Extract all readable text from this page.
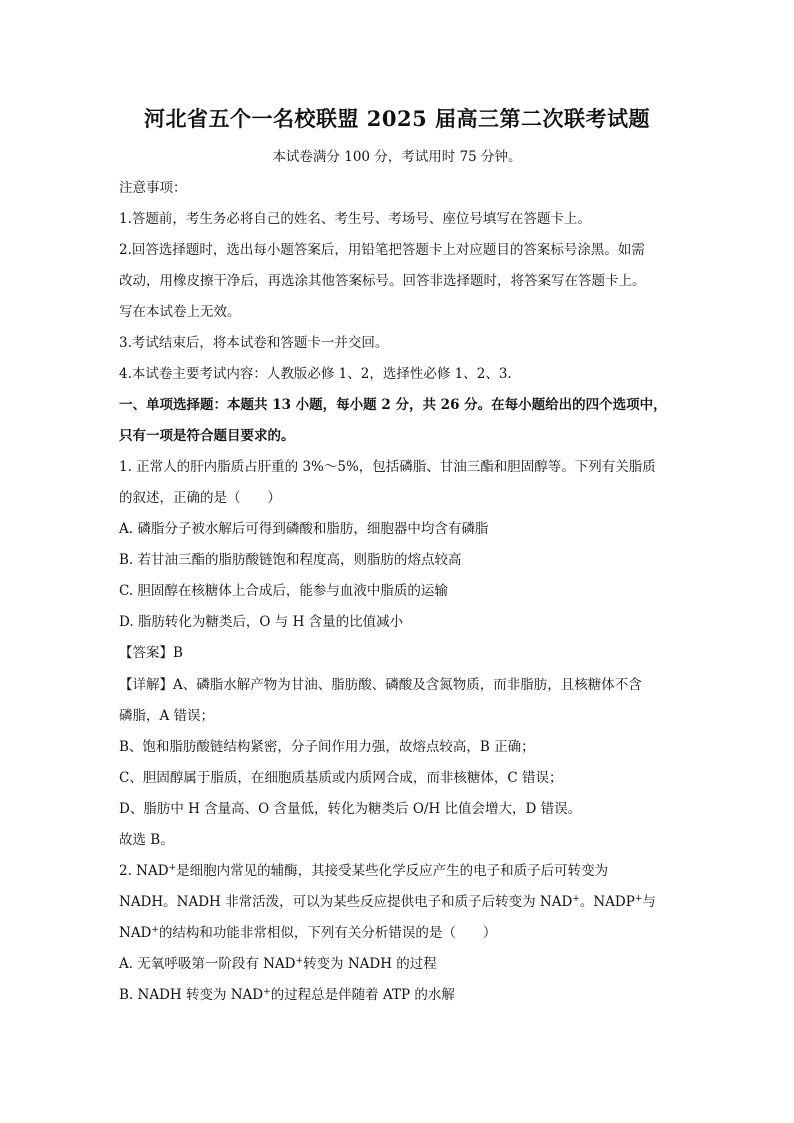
河北省五个一名校联盟 2025 届高三第二次联考试题
本试卷满分 100 分，考试用时 75 分钟。
注意事项：
1.答题前，考生务必将自己的姓名、考生号、考场号、座位号填写在答题卡上。
2.回答选择题时，选出每小题答案后，用铅笔把答题卡上对应题目的答案标号涂黑。如需
改动，用橡皮擦干净后，再选涂其他答案标号。回答非选择题时，将答案写在答题卡上。
写在本试卷上无效。
3.考试结束后，将本试卷和答题卡一并交回。
4.本试卷主要考试内容：人教版必修 1、2，选择性必修 1、2、3.
一、单项选择题：本题共 13 小题，每小题 2 分，共 26 分。在每小题给出的四个选项中，
只有一项是符合题目要求的。
1. 正常人的肝内脂质占肝重的 3%～5%，包括磷脂、甘油三酯和胆固醇等。下列有关脂质
的叙述，正确的是（　　）
A. 磷脂分子被水解后可得到磷酸和脂肪，细胞器中均含有磷脂
B. 若甘油三酯的脂肪酸链饱和程度高，则脂肪的熔点较高
C. 胆固醇在核糖体上合成后，能参与血液中脂质的运输
D. 脂肪转化为糖类后，O 与 H 含量的比值减小
【答案】B
【详解】A、磷脂水解产物为甘油、脂肪酸、磷酸及含氮物质，而非脂肪，且核糖体不含
磷脂，A 错误；
B、饱和脂肪酸链结构紧密，分子间作用力强，故熔点较高，B 正确；
C、胆固醇属于脂质，在细胞质基质或内质网合成，而非核糖体，C 错误；
D、脂肪中 H 含量高、O 含量低，转化为糖类后 O/H 比值会增大，D 错误。
故选 B。
2. NAD+是细胞内常见的辅酶，其接受某些化学反应产生的电子和质子后可转变为
NADH。NADH 非常活泼，可以为某些反应提供电子和质子后转变为 NAD+。NADP+与
NAD+的结构和功能非常相似，下列有关分析错误的是（　　）
A. 无氧呼吸第一阶段有 NAD+转变为 NADH 的过程
B. NADH 转变为 NAD+的过程总是伴随着 ATP 的水解
